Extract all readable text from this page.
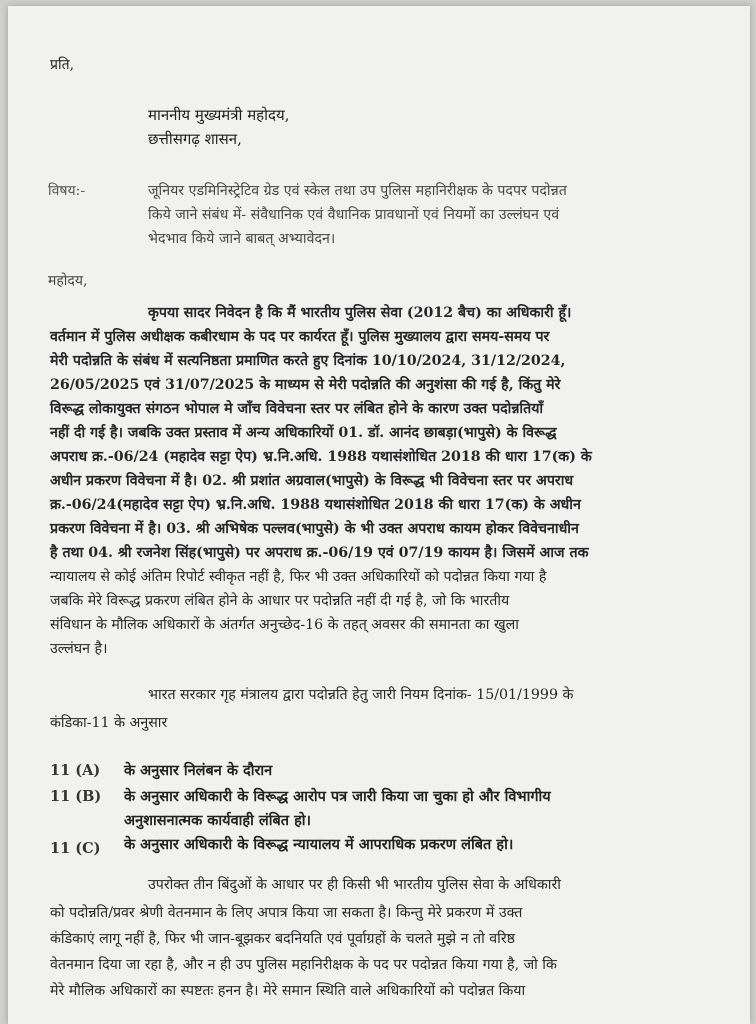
प्रति,
माननीय मुख्यमंत्री महोदय,
छत्तीसगढ़ शासन,
विषय:-	जूनियर एडमिनिस्ट्रेटिव ग्रेड एवं स्केल तथा उप पुलिस महानिरीक्षक के पदपर पदोन्नत
किये जाने संबंध में- संवैधानिक एवं वैधानिक प्रावधानों एवं नियमों का उल्लंघन एवं
भेदभाव किये जाने बाबत् अभ्यावेदन।
महोदय,
कृपया सादर निवेदन है कि मैं भारतीय पुलिस सेवा (2012 बैच) का अधिकारी हूँ।
वर्तमान में पुलिस अधीक्षक कबीरधाम के पद पर कार्यरत हूँ। पुलिस मुख्यालय द्वारा समय-समय पर
मेरी पदोन्नति के संबंध में सत्यनिष्ठता प्रमाणित करते हुए दिनांक 10/10/2024, 31/12/2024,
26/05/2025 एवं 31/07/2025 के माध्यम से मेरी पदोन्नति की अनुशंसा की गई है, किंतु मेरे
विरूद्ध लोकायुक्त संगठन भोपाल मे जाँच विवेचना स्तर पर लंबित होने के कारण उक्त पदोन्नतियाँ
नहीं दी गई है। जबकि उक्त प्रस्ताव में अन्य अधिकारियों 01. डॉ. आनंद छाबड़ा(भापुसे) के विरूद्ध
अपराध क्र.-06/24 (महादेव सट्टा ऐप) भ्र.नि.अधि. 1988 यथासंशोधित 2018 की धारा 17(क) के
अधीन प्रकरण विवेचना में है। 02. श्री प्रशांत अग्रवाल(भापुसे) के विरूद्ध भी विवेचना स्तर पर अपराध
क्र.-06/24(महादेव सट्टा ऐप) भ्र.नि.अधि. 1988 यथासंशोधित 2018 की धारा 17(क) के अधीन
प्रकरण विवेचना में है। 03. श्री अभिषेक पल्लव(भापुसे) के भी उक्त अपराध कायम होकर विवेचनाधीन
है तथा 04. श्री रजनेश सिंह(भापुसे) पर अपराध क्र.-06/19 एवं 07/19 कायम है। जिसमें आज तक
न्यायालय से कोई अंतिम रिपोर्ट स्वीकृत नहीं है, फिर भी उक्त अधिकारियों को पदोन्नत किया गया है
जबकि मेरे विरूद्ध प्रकरण लंबित होने के आधार पर पदोन्नति नहीं दी गई है, जो कि भारतीय
संविधान के मौलिक अधिकारों के अंतर्गत अनुच्छेद-16 के तहत् अवसर की समानता का खुला
उल्लंघन है।
भारत सरकार गृह मंत्रालय द्वारा पदोन्नति हेतु जारी नियम दिनांक- 15/01/1999 के
कंडिका-11 के अनुसार
11 (A) के अनुसार निलंबन के दौरान
11 (B) के अनुसार अधिकारी के विरूद्ध आरोप पत्र जारी किया जा चुका हो और विभागीय
अनुशासनात्मक कार्यवाही लंबित हो।
11 (C) के अनुसार अधिकारी के विरूद्ध न्यायालय में आपराधिक प्रकरण लंबित हो।
उपरोक्त तीन बिंदुओं के आधार पर ही किसी भी भारतीय पुलिस सेवा के अधिकारी
को पदोन्नति/प्रवर श्रेणी वेतनमान के लिए अपात्र किया जा सकता है। किन्तु मेरे प्रकरण में उक्त
कंडिकाएं लागू नहीं है, फिर भी जान-बूझकर बदनियति एवं पूर्वाग्रहों के चलते मुझे न तो वरिष्ठ
वेतनमान दिया जा रहा है, और न ही उप पुलिस महानिरीक्षक के पद पर पदोन्नत किया गया है, जो कि
मेरे मौलिक अधिकारों का स्पष्टतः हनन है। मेरे समान स्थिति वाले अधिकारियों को पदोन्नत किया
